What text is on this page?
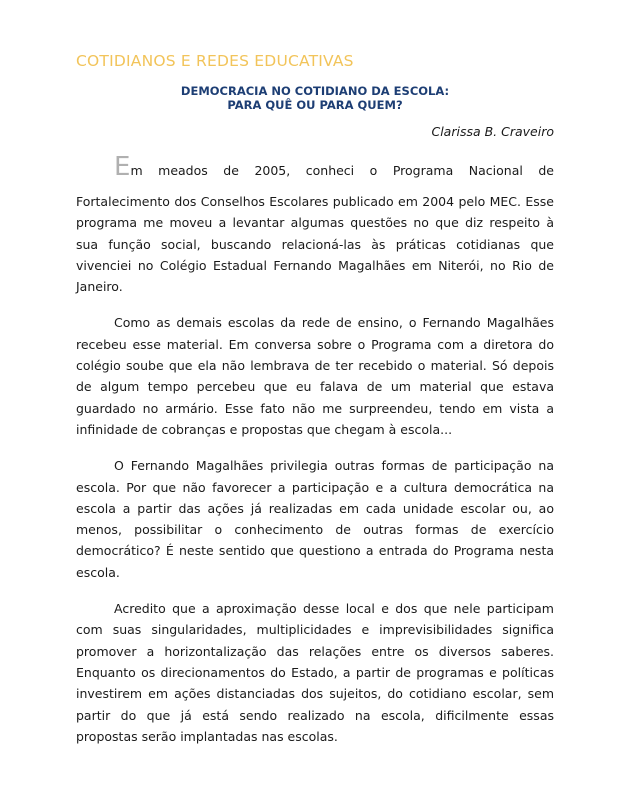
COTIDIANOS E REDES EDUCATIVAS
DEMOCRACIA NO COTIDIANO DA ESCOLA:
PARA QUÊ OU PARA QUEM?
Clarissa B. Craveiro

Em meados de 2005, conheci o Programa Nacional de
Fortalecimento dos Conselhos Escolares publicado em 2004 pelo MEC. Esse programa me moveu a levantar algumas questões no que diz respeito à sua função social, buscando relacioná-las às práticas cotidianas que vivenciei no Colégio Estadual Fernando Magalhães em Niterói, no Rio de Janeiro.

Como as demais escolas da rede de ensino, o Fernando Magalhães recebeu esse material. Em conversa sobre o Programa com a diretora do colégio soube que ela não lembrava de ter recebido o material. Só depois de algum tempo percebeu que eu falava de um material que estava guardado no armário. Esse fato não me surpreendeu, tendo em vista a infinidade de cobranças e propostas que chegam à escola...

O Fernando Magalhães privilegia outras formas de participação na escola. Por que não favorecer a participação e a cultura democrática na escola a partir das ações já realizadas em cada unidade escolar ou, ao menos, possibilitar o conhecimento de outras formas de exercício democrático? É neste sentido que questiono a entrada do Programa nesta escola.

Acredito que a aproximação desse local e dos que nele participam com suas singularidades, multiplicidades e imprevisibilidades significa promover a horizontalização das relações entre os diversos saberes. Enquanto os direcionamentos do Estado, a partir de programas e políticas investirem em ações distanciadas dos sujeitos, do cotidiano escolar, sem partir do que já está sendo realizado na escola, dificilmente essas propostas serão implantadas nas escolas.
